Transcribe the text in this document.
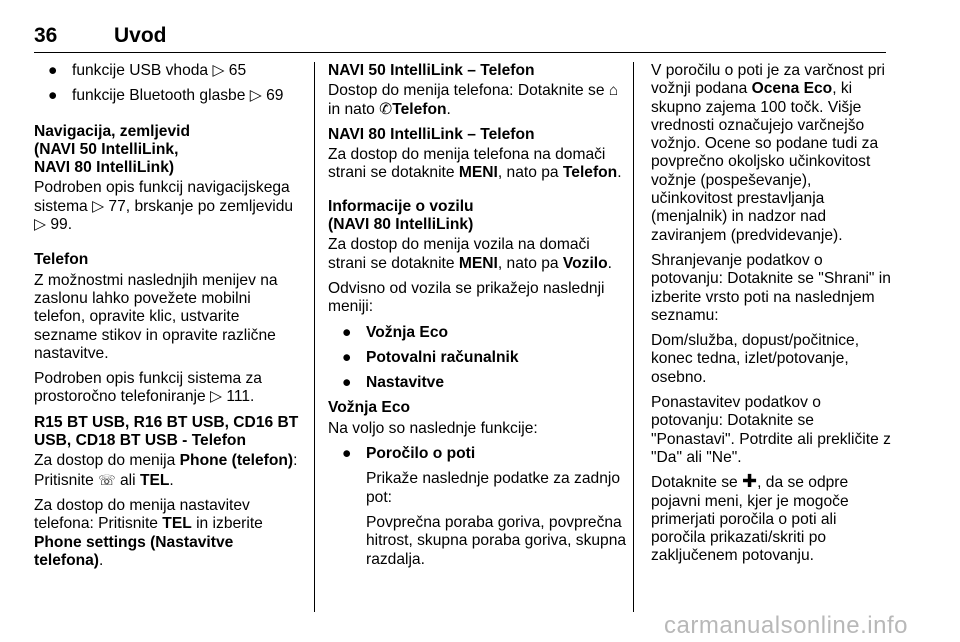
36	Uvod
● funkcije USB vhoda ▷ 65
● funkcije Bluetooth glasbe ▷ 69

Navigacija, zemljevid
(NAVI 50 IntelliLink,
NAVI 80 IntelliLink)

Podroben opis funkcij navigacijskega sistema ▷ 77, brskanje po zemljevidu ▷ 99.

Telefon

Z možnostmi naslednjih menijev na zaslonu lahko povežete mobilni telefon, opravite klic, ustvarite sezname stikov in opravite različne nastavitve.

Podroben opis funkcij sistema za prostoročno telefoniranje ▷ 111.

R15 BT USB, R16 BT USB, CD16 BT USB, CD18 BT USB - Telefon

Za dostop do menija Phone (telefon): Pritisnite ☏ ali TEL.

Za dostop do menija nastavitev telefona: Pritisnite TEL in izberite Phone settings (Nastavitve telefona).

NAVI 50 IntelliLink – Telefon

Dostop do menija telefona: Dotaknite se ⌂ in nato ✆Telefon.

NAVI 80 IntelliLink – Telefon

Za dostop do menija telefona na domači strani se dotaknite MENI, nato pa Telefon.

Informacije o vozilu
(NAVI 80 IntelliLink)

Za dostop do menija vozila na domači strani se dotaknite MENI, nato pa Vozilo.

Odvisno od vozila se prikažejo naslednji meniji:

● Vožnja Eco
● Potovalni računalnik
● Nastavitve

Vožnja Eco

Na voljo so naslednje funkcije:

● Poročilo o poti

Prikaže naslednje podatke za zadnjo pot:

Povprečna poraba goriva, povprečna hitrost, skupna poraba goriva, skupna razdalja.

V poročilu o poti je za varčnost pri vožnji podana Ocena Eco, ki skupno zajema 100 točk. Višje vrednosti označujejo varčnejšo vožnjo. Ocene so podane tudi za povprečno okoljsko učinkovitost vožnje (pospeševanje), učinkovitost prestavljanja (menjalnik) in nadzor nad zaviranjem (predvidevanje).

Shranjevanje podatkov o potovanju: Dotaknite se "Shrani" in izberite vrsto poti na naslednjem seznamu:

Dom/služba, dopust/počitnice, konec tedna, izlet/potovanje, osebno.

Ponastavitev podatkov o potovanju: Dotaknite se "Ponastavi". Potrdite ali prekličite z "Da" ali "Ne".

Dotaknite se ✚, da se odpre pojavni meni, kjer je mogoče primerjati poročila o poti ali poročila prikazati/skriti po zaključenem potovanju.

carmanualsonline.info
